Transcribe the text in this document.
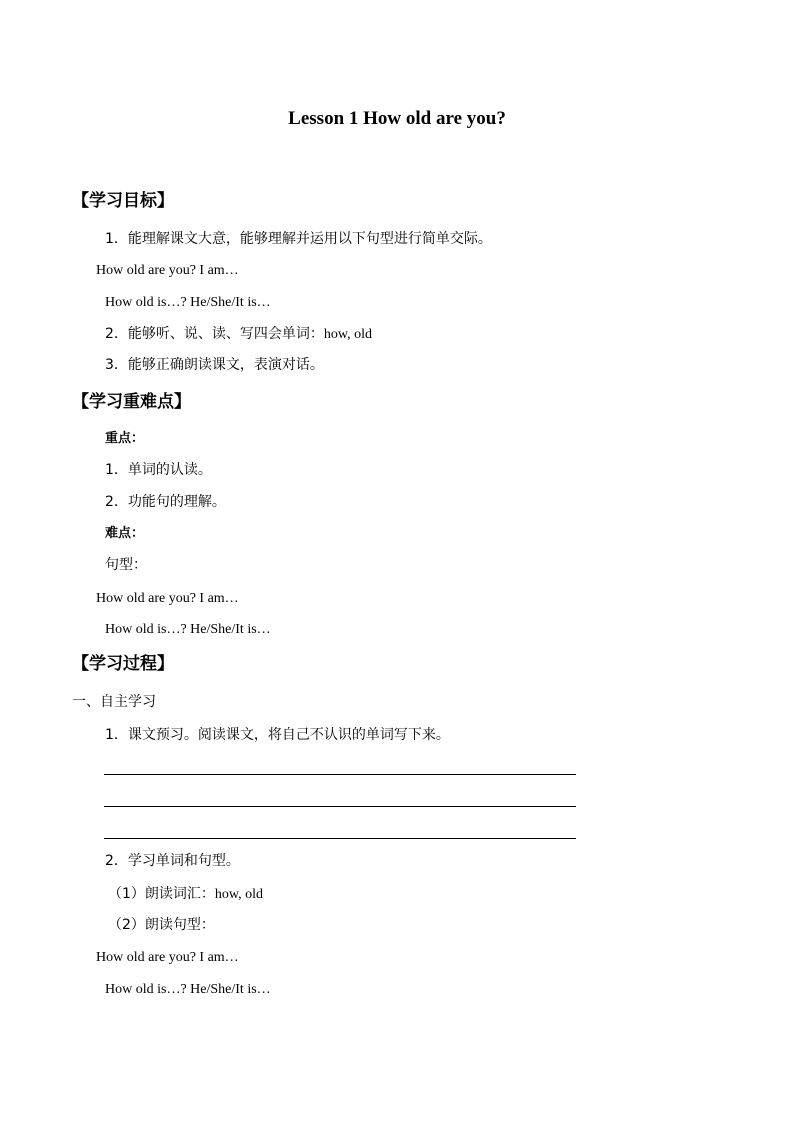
Lesson 1 How old are you?
【学习目标】
1．能理解课文大意，能够理解并运用以下句型进行简单交际。
How old are you? I am…
How old is…? He/She/It is…
2．能够听、说、读、写四会单词：how, old
3．能够正确朗读课文，表演对话。
【学习重难点】
重点：
1．单词的认读。
2．功能句的理解。
难点：
句型：
How old are you? I am…
How old is…? He/She/It is…
【学习过程】
一、自主学习
1．课文预习。阅读课文，将自己不认识的单词写下来。
2．学习单词和句型。
（1）朗读词汇：how, old
（2）朗读句型：
How old are you? I am…
How old is…? He/She/It is…
